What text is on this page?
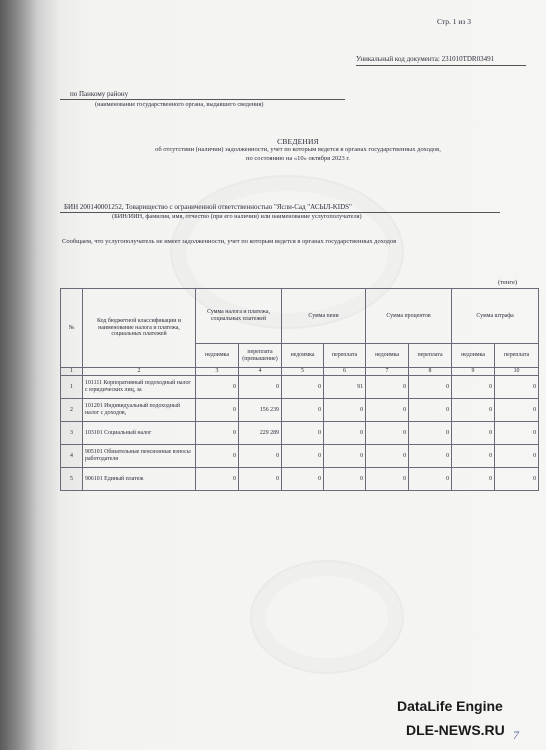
Стр. 1 из 3
Уникальный код документа: 231010TDR03491
по Панкому району
(наименование государственного органа, выдавшего сведения)
СВЕДЕНИЯ
об отсутствии (наличии) задолженности, учет по которым ведется в органах государственных доходов,
по состоянию на «10» октября 2023 г.
БИН 200140001252, Товарищество с ограниченной ответственностью "Ясли-Сад "АСЫЛ-KIDS"
(БИН/ИИН, фамилия, имя, отчество (при его наличии) или наименование услугополучателя)
Сообщаем, что услугополучатель не имеет задолженности, учет по которым ведется в органах государственных доходов
(тенге)
№	Код бюджетной классификации и наименование налога и платежа, социальных платежей	Сумма налога и платежа, социальных платежей		Сумма пени		Сумма процентов		Сумма штрафа	
		недоимка	переплата (превышение)	недоимка	переплата	недоимка	переплата	недоимка	переплата
1	2	3	4	5	6	7	8	9	10
1	101111 Корпоративный подоходный налог с юридических лиц, за	0	0	0	91	0	0	0	0
2	101201 Индивидуальный подоходный налог с доходов,	0	156 239	0	0	0	0	0	0
3	103101 Социальный налог	0	229 289	0	0	0	0	0	0
4	905101 Обязательные пенсионные взносы работодателя	0	0	0	0	0	0	0	0
5	906101 Единый платеж	0	0	0	0	0	0	0	0
DataLife Engine
DLE-NEWS.RU 7
